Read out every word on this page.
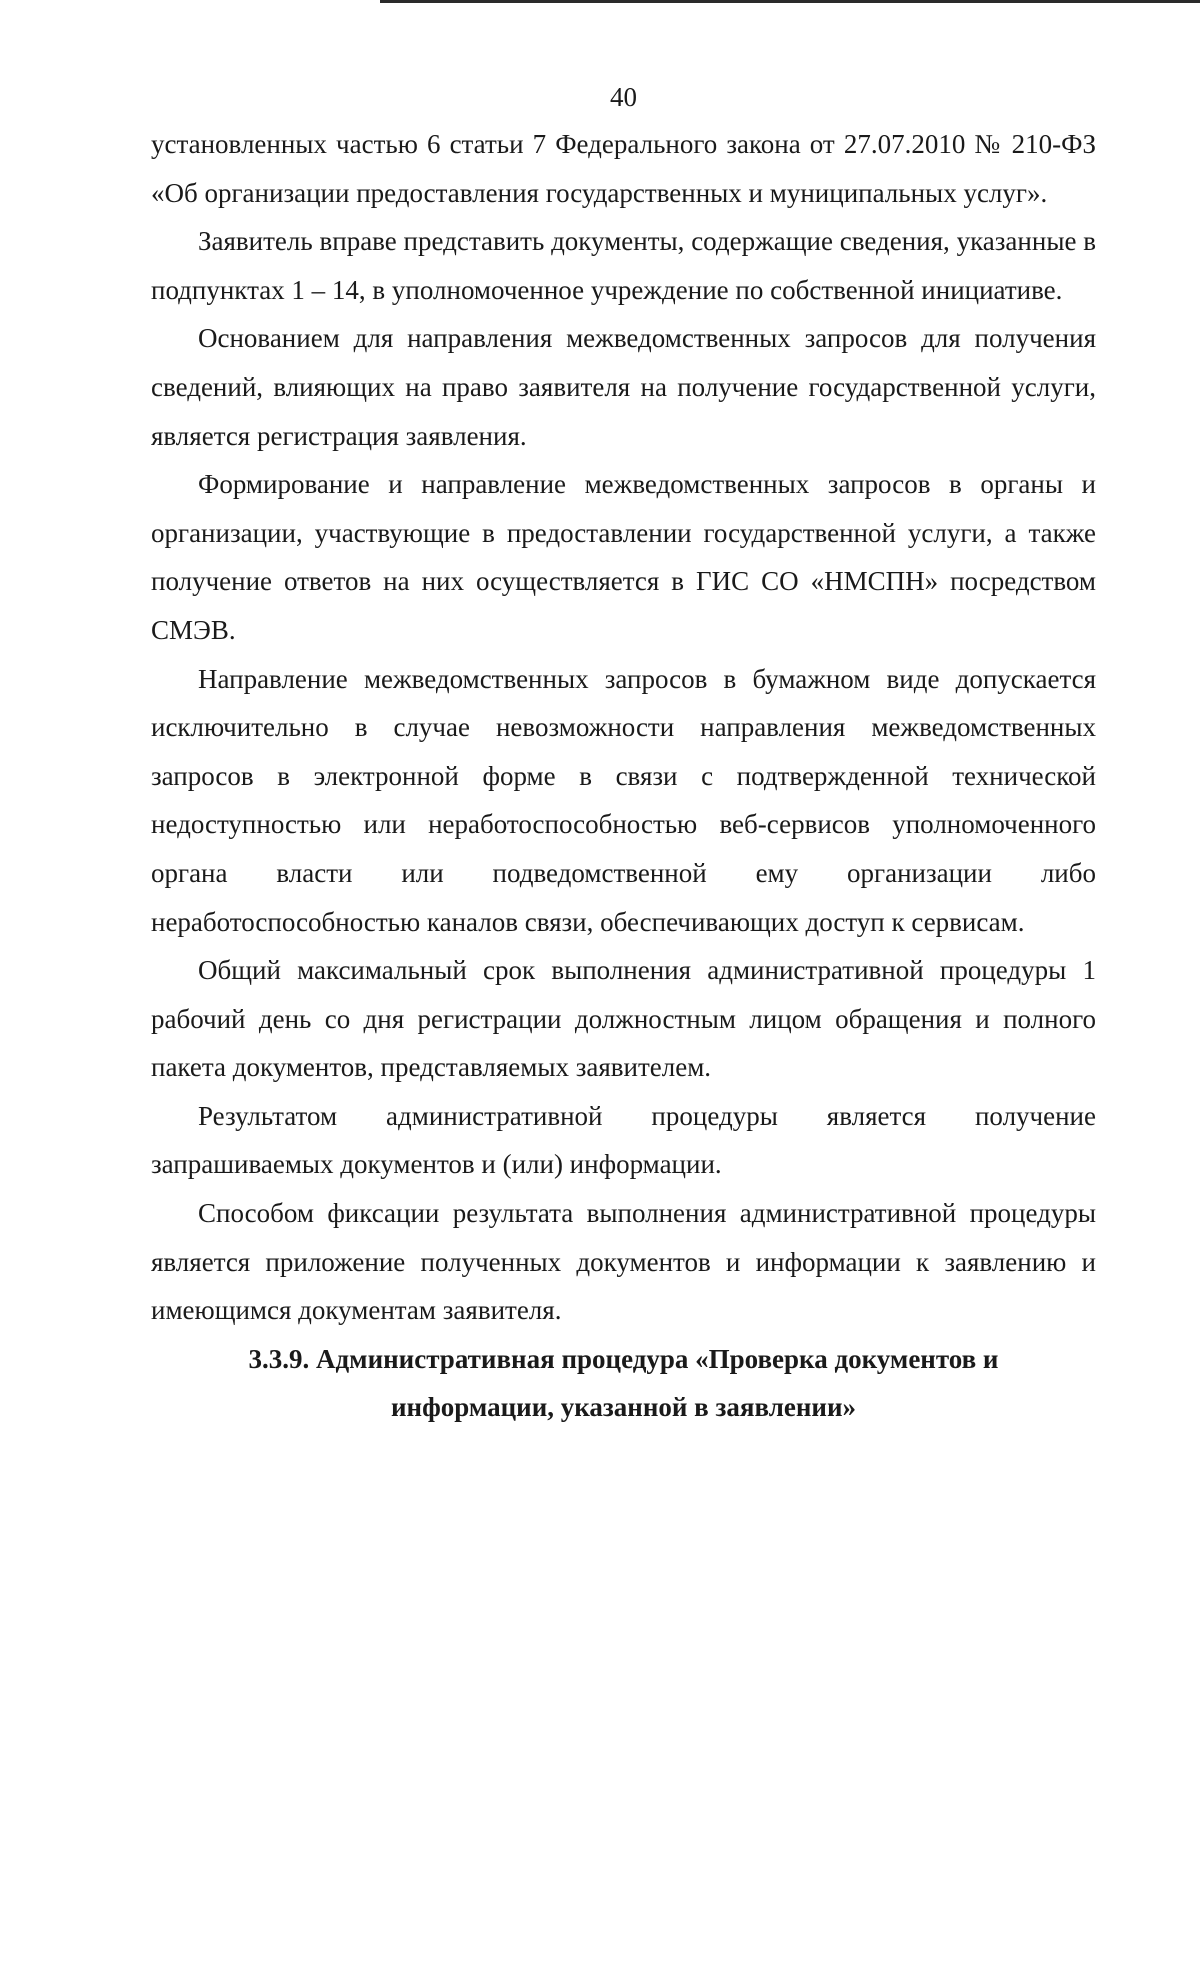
40

установленных частью 6 статьи 7 Федерального закона от 27.07.2010 № 210-ФЗ «Об организации предоставления государственных и муниципальных услуг».

Заявитель вправе представить документы, содержащие сведения, указанные в подпунктах 1 – 14, в уполномоченное учреждение по собственной инициативе.

Основанием для направления межведомственных запросов для получения сведений, влияющих на право заявителя на получение государственной услуги, является регистрация заявления.

Формирование и направление межведомственных запросов в органы и организации, участвующие в предоставлении государственной услуги, а также получение ответов на них осуществляется в ГИС СО «НМСПН» посредством СМЭВ.

Направление межведомственных запросов в бумажном виде допускается исключительно в случае невозможности направления межведомственных запросов в электронной форме в связи с подтвержденной технической недоступностью или неработоспособностью веб-сервисов уполномоченного органа власти или подведомственной ему организации либо неработоспособностью каналов связи, обеспечивающих доступ к сервисам.

Общий максимальный срок выполнения административной процедуры 1 рабочий день со дня регистрации должностным лицом обращения и полного пакета документов, представляемых заявителем.

Результатом административной процедуры является получение запрашиваемых документов и (или) информации.

Способом фиксации результата выполнения административной процедуры является приложение полученных документов и информации к заявлению и имеющимся документам заявителя.

3.3.9. Административная процедура «Проверка документов и
информации, указанной в заявлении»
